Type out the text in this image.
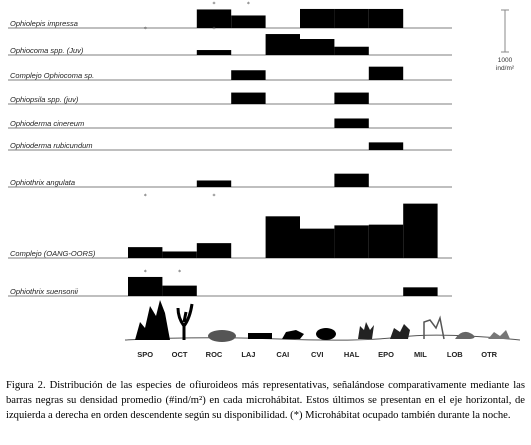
Ophiolepis impressa
*	*
Ophiocoma spp. (Juv)
*	*
Complejo Ophiocoma sp.
Ophiopsila spp. (juv)
Ophioderma cinereum
Ophioderma rubicundum
Ophiothrix angulata
Complejo (OANG-OORS)
*	*
Ophiothrix suensonii
*	*
1000
ind/m²
SPO OCT ROC	LAJ	CAI	CVI	HAL	EPO	MIL	LOB OTR
Figura 2. Distribución de las especies de ofiuroideos más representativas, señalándose comparativamente mediante las barras negras su densidad promedio (#ind/m²) en cada microhábitat. Estos últimos se presentan en el eje horizontal, de izquierda a derecha en orden descendente según su disponibilidad. (*) Microhábitat ocupado también durante la noche.
